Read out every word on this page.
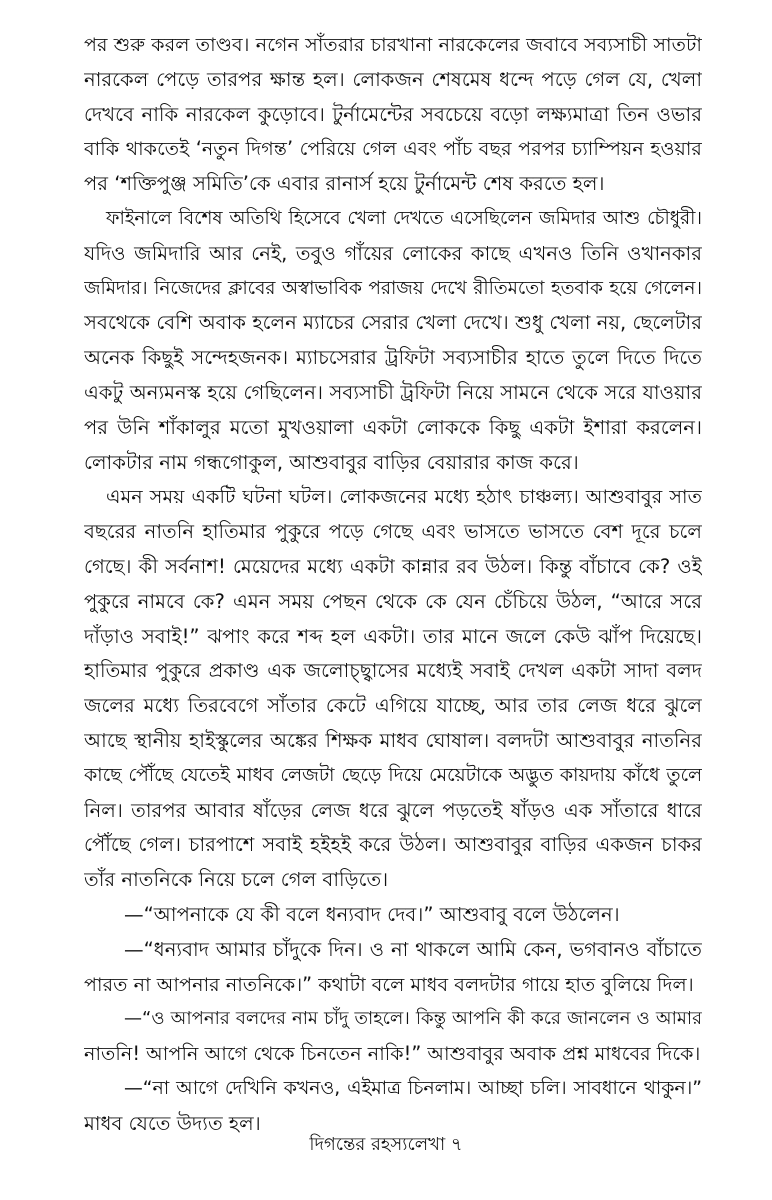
পর শুরু করল তাণ্ডব। নগেন সাঁতরার চারখানা নারকেলের জবাবে সব্যসাচী সাতটা
নারকেল পেড়ে তারপর ক্ষান্ত হল। লোকজন শেষমেষ ধন্দে পড়ে গেল যে, খেলা
দেখবে নাকি নারকেল কুড়োবে। টুর্নামেন্টের সবচেয়ে বড়ো লক্ষ্যমাত্রা তিন ওভার
বাকি থাকতেই ‘নতুন দিগন্ত’ পেরিয়ে গেল এবং পাঁচ বছর পরপর চ্যাম্পিয়ন হওয়ার
পর ‘শক্তিপুঞ্জ সমিতি’কে এবার রানার্স হয়ে টুর্নামেন্ট শেষ করতে হল।
ফাইনালে বিশেষ অতিথি হিসেবে খেলা দেখতে এসেছিলেন জমিদার আশু চৌধুরী।
যদিও জমিদারি আর নেই, তবুও গাঁয়ের লোকের কাছে এখনও তিনি ওখানকার
জমিদার। নিজেদের ক্লাবের অস্বাভাবিক পরাজয় দেখে রীতিমতো হতবাক হয়ে গেলেন।
সবথেকে বেশি অবাক হলেন ম্যাচের সেরার খেলা দেখে। শুধু খেলা নয়, ছেলেটার
অনেক কিছুই সন্দেহজনক। ম্যাচসেরার ট্রফিটা সব্যসাচীর হাতে তুলে দিতে দিতে
একটু অন্যমনস্ক হয়ে গেছিলেন। সব্যসাচী ট্রফিটা নিয়ে সামনে থেকে সরে যাওয়ার
পর উনি শাঁকালুর মতো মুখওয়ালা একটা লোককে কিছু একটা ইশারা করলেন।
লোকটার নাম গন্ধগোকুল, আশুবাবুর বাড়ির বেয়ারার কাজ করে।
এমন সময় একটি ঘটনা ঘটল। লোকজনের মধ্যে হঠাৎ চাঞ্চল্য। আশুবাবুর সাত
বছরের নাতনি হাতিমার পুকুরে পড়ে গেছে এবং ভাসতে ভাসতে বেশ দূরে চলে
গেছে। কী সর্বনাশ! মেয়েদের মধ্যে একটা কান্নার রব উঠল। কিন্তু বাঁচাবে কে? ওই
পুকুরে নামবে কে? এমন সময় পেছন থেকে কে যেন চেঁচিয়ে উঠল, “আরে সরে
দাঁড়াও সবাই!” ঝপাং করে শব্দ হল একটা। তার মানে জলে কেউ ঝাঁপ দিয়েছে।
হাতিমার পুকুরে প্রকাণ্ড এক জলোচ্ছ্বাসের মধ্যেই সবাই দেখল একটা সাদা বলদ
জলের মধ্যে তিরবেগে সাঁতার কেটে এগিয়ে যাচ্ছে, আর তার লেজ ধরে ঝুলে
আছে স্থানীয় হাইস্কুলের অঙ্কের শিক্ষক মাধব ঘোষাল। বলদটা আশুবাবুর নাতনির
কাছে পৌঁছে যেতেই মাধব লেজটা ছেড়ে দিয়ে মেয়েটাকে অদ্ভুত কায়দায় কাঁধে তুলে
নিল। তারপর আবার ষাঁড়ের লেজ ধরে ঝুলে পড়তেই ষাঁড়ও এক সাঁতারে ধারে
পৌঁছে গেল। চারপাশে সবাই হইহই করে উঠল। আশুবাবুর বাড়ির একজন চাকর
তাঁর নাতনিকে নিয়ে চলে গেল বাড়িতে।
—“আপনাকে যে কী বলে ধন্যবাদ দেব।” আশুবাবু বলে উঠলেন।
—“ধন্যবাদ আমার চাঁদুকে দিন। ও না থাকলে আমি কেন, ভগবানও বাঁচাতে
পারত না আপনার নাতনিকে।” কথাটা বলে মাধব বলদটার গায়ে হাত বুলিয়ে দিল।
—“ও আপনার বলদের নাম চাঁদু তাহলে। কিন্তু আপনি কী করে জানলেন ও আমার
নাতনি! আপনি আগে থেকে চিনতেন নাকি!” আশুবাবুর অবাক প্রশ্ন মাধবের দিকে।
—“না আগে দেখিনি কখনও, এইমাত্র চিনলাম। আচ্ছা চলি। সাবধানে থাকুন।”
মাধব যেতে উদ্যত হল।
দিগন্তের রহস্যলেখা ৭
